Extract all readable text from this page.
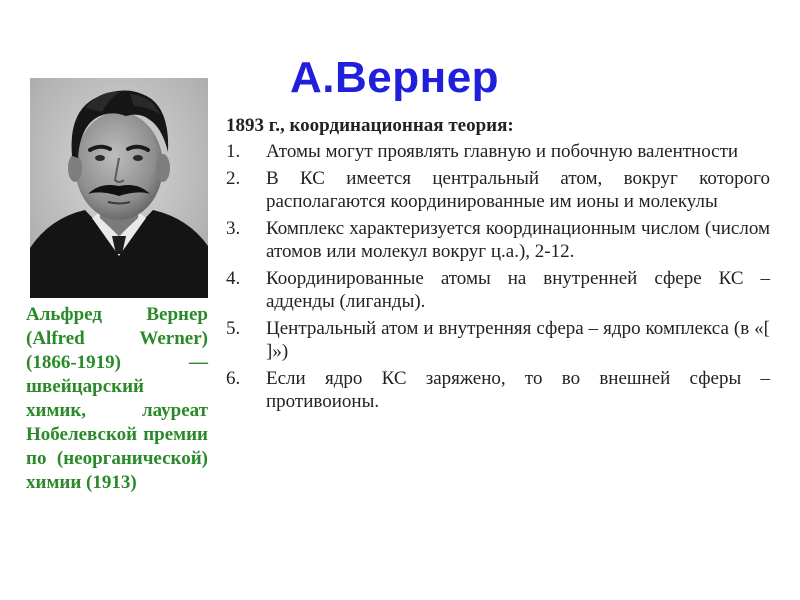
А.Вернер

Альфред Вернер (Alfred Werner) (1866-1919) — швейцарский химик, лауреат Нобелевской премии по (неорганической) химии (1913)

1893 г., координационная теория:
1.	Атомы могут проявлять главную и побочную валентности
2.	В КС имеется центральный атом, вокруг которого располагаются координированные им ионы и молекулы
3.	Комплекс характеризуется координационным числом (числом атомов или молекул вокруг ц.а.), 2-12.
4.	Координированные атомы на внутренней сфере КС – адденды (лиганды).
5.	Центральный атом и внутренняя сфера – ядро комплекса (в «[ ]»)
6.	Если ядро КС заряжено, то во внешней сферы – противоионы.
